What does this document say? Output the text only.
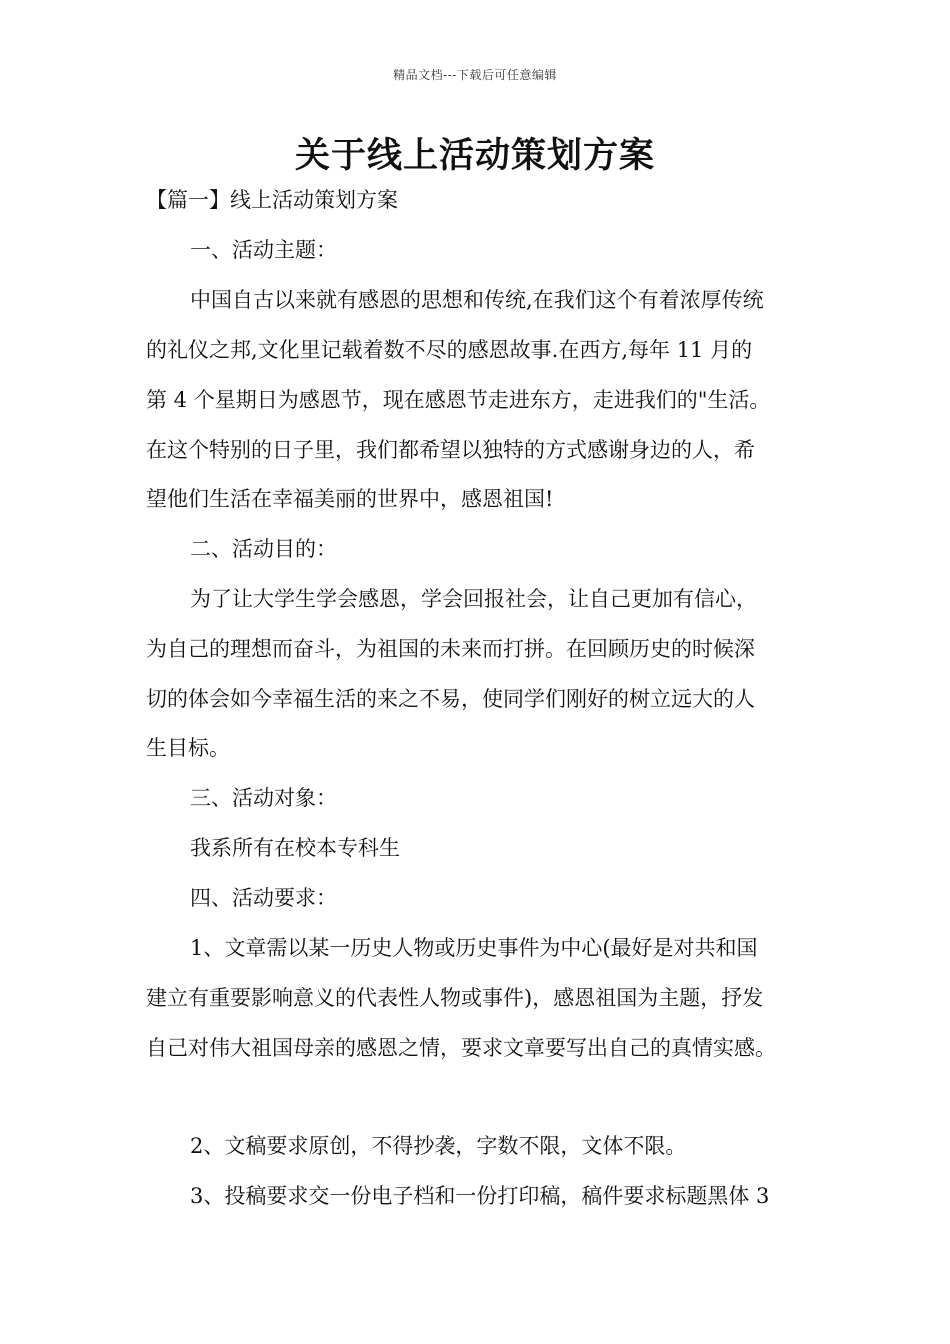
精品文档---下载后可任意编辑
关于线上活动策划方案
【篇一】线上活动策划方案
一、活动主题：
中国自古以来就有感恩的思想和传统,在我们这个有着浓厚传统
的礼仪之邦,文化里记载着数不尽的感恩故事.在西方,每年 11 月的
第 4 个星期日为感恩节，现在感恩节走进东方，走进我们的"生活。
在这个特别的日子里，我们都希望以独特的方式感谢身边的人，希
望他们生活在幸福美丽的世界中，感恩祖国!
二、活动目的：
为了让大学生学会感恩，学会回报社会，让自己更加有信心，
为自己的理想而奋斗，为祖国的未来而打拼。在回顾历史的时候深
切的体会如今幸福生活的来之不易，使同学们刚好的树立远大的人
生目标。
三、活动对象：
我系所有在校本专科生
四、活动要求：
1、文章需以某一历史人物或历史事件为中心(最好是对共和国
建立有重要影响意义的代表性人物或事件)，感恩祖国为主题，抒发
自己对伟大祖国母亲的感恩之情，要求文章要写出自己的真情实感。
2、文稿要求原创，不得抄袭，字数不限，文体不限。
3、投稿要求交一份电子档和一份打印稿，稿件要求标题黑体 3
